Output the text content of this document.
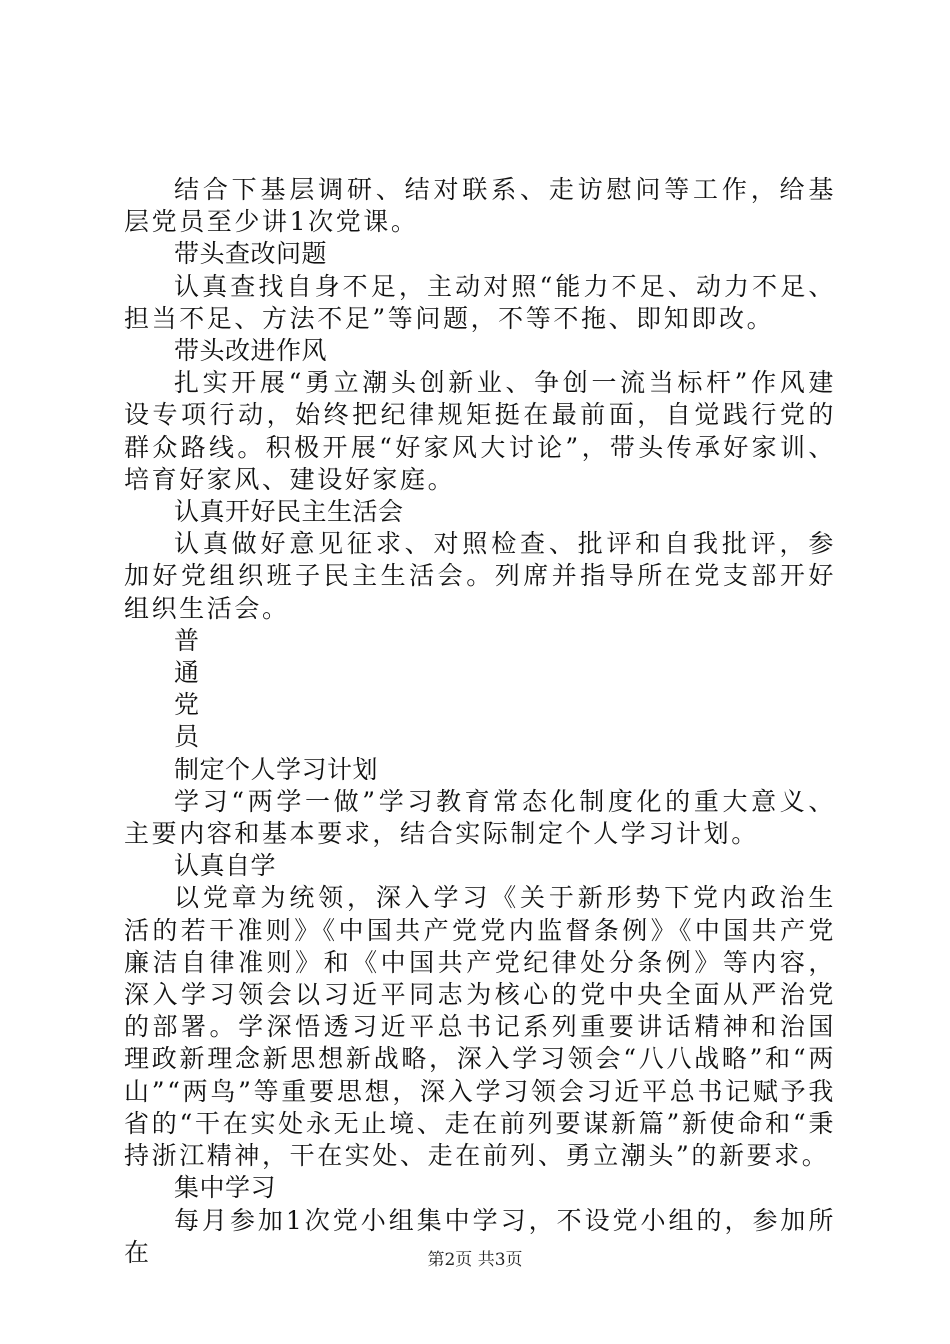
结合下基层调研、结对联系、走访慰问等工作，给基层党员至少讲1次党课。

带头查改问题

认真查找自身不足，主动对照“能力不足、动力不足、担当不足、方法不足”等问题，不等不拖、即知即改。

带头改进作风

扎实开展“勇立潮头创新业、争创一流当标杆”作风建设专项行动，始终把纪律规矩挺在最前面，自觉践行党的群众路线。积极开展“好家风大讨论”，带头传承好家训、培育好家风、建设好家庭。

认真开好民主生活会

认真做好意见征求、对照检查、批评和自我批评，参加好党组织班子民主生活会。列席并指导所在党支部开好组织生活会。

普

通

党

员

制定个人学习计划

学习“两学一做”学习教育常态化制度化的重大意义、主要内容和基本要求，结合实际制定个人学习计划。

认真自学

以党章为统领，深入学习《关于新形势下党内政治生活的若干准则》《中国共产党党内监督条例》《中国共产党廉洁自律准则》和《中国共产党纪律处分条例》等内容，深入学习领会以习近平同志为核心的党中央全面从严治党的部署。学深悟透习近平总书记系列重要讲话精神和治国理政新理念新思想新战略，深入学习领会“八八战略”和“两山”“两鸟”等重要思想，深入学习领会习近平总书记赋予我省的“干在实处永无止境、走在前列要谋新篇”新使命和“秉持浙江精神，干在实处、走在前列、勇立潮头”的新要求。

集中学习

每月参加1次党小组集中学习，不设党小组的，参加所在	第2页 共3页
